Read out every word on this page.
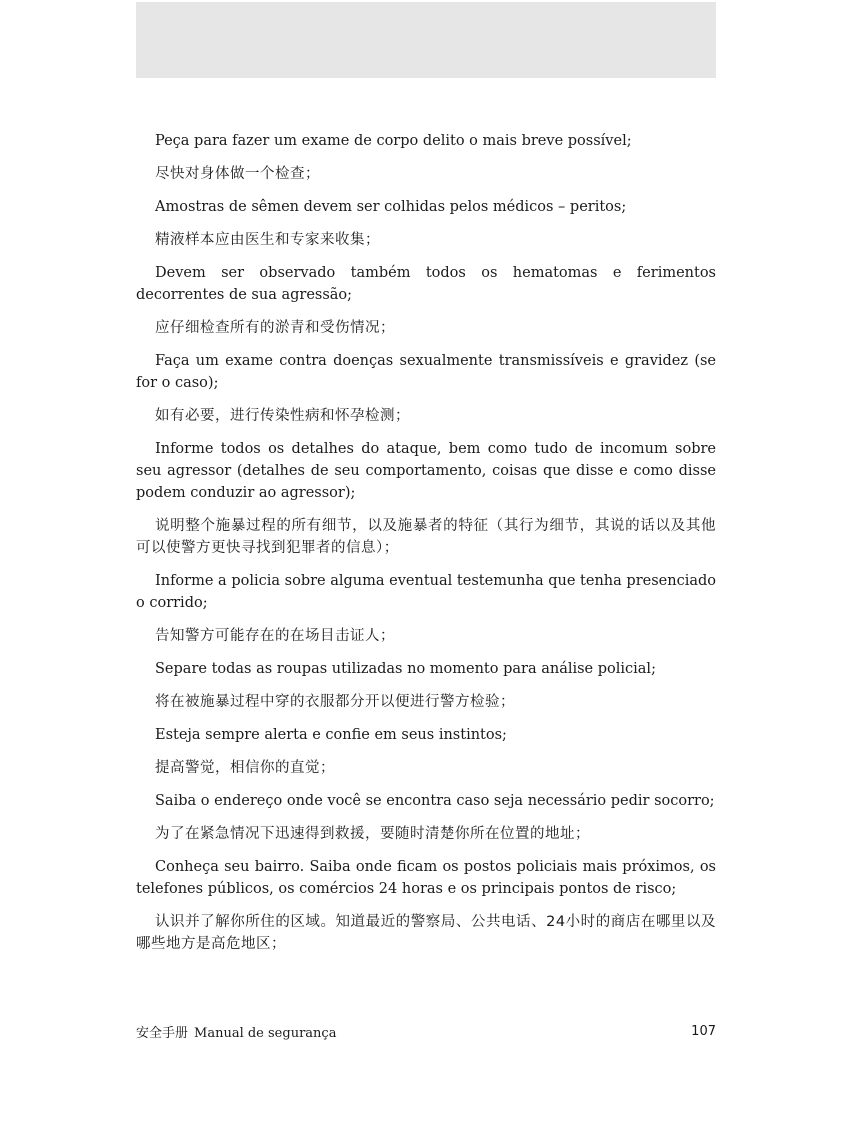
Peça para fazer um exame de corpo delito o mais breve possível;

尽快对身体做一个检查；

Amostras de sêmen devem ser colhidas pelos médicos – peritos;

精液样本应由医生和专家来收集；

Devem ser observado também todos os hematomas e ferimentos decorrentes de sua agressão;

应仔细检查所有的淤青和受伤情况；

Faça um exame contra doenças sexualmente transmissíveis e gravidez (se for o caso);

如有必要，进行传染性病和怀孕检测；

Informe todos os detalhes do ataque, bem como tudo de incomum sobre seu agressor (detalhes de seu comportamento, coisas que disse e como disse podem conduzir ao agressor);

说明整个施暴过程的所有细节，以及施暴者的特征（其行为细节，其说的话以及其他可以使警方更快寻找到犯罪者的信息）；

Informe a policia sobre alguma eventual testemunha que tenha presenciado o corrido;

告知警方可能存在的在场目击证人；

Separe todas as roupas utilizadas no momento para análise policial;

将在被施暴过程中穿的衣服都分开以便进行警方检验；

Esteja sempre alerta e confie em seus instintos;

提高警觉，相信你的直觉；

Saiba o endereço onde você se encontra caso seja necessário pedir socorro;

为了在紧急情况下迅速得到救援，要随时清楚你所在位置的地址；

Conheça seu bairro. Saiba onde ficam os postos policiais mais próximos, os telefones públicos, os comércios 24 horas e os principais pontos de risco;

认识并了解你所住的区域。知道最近的警察局、公共电话、24小时的商店在哪里以及哪些地方是高危地区；

安全手册 Manual de segurança	107
